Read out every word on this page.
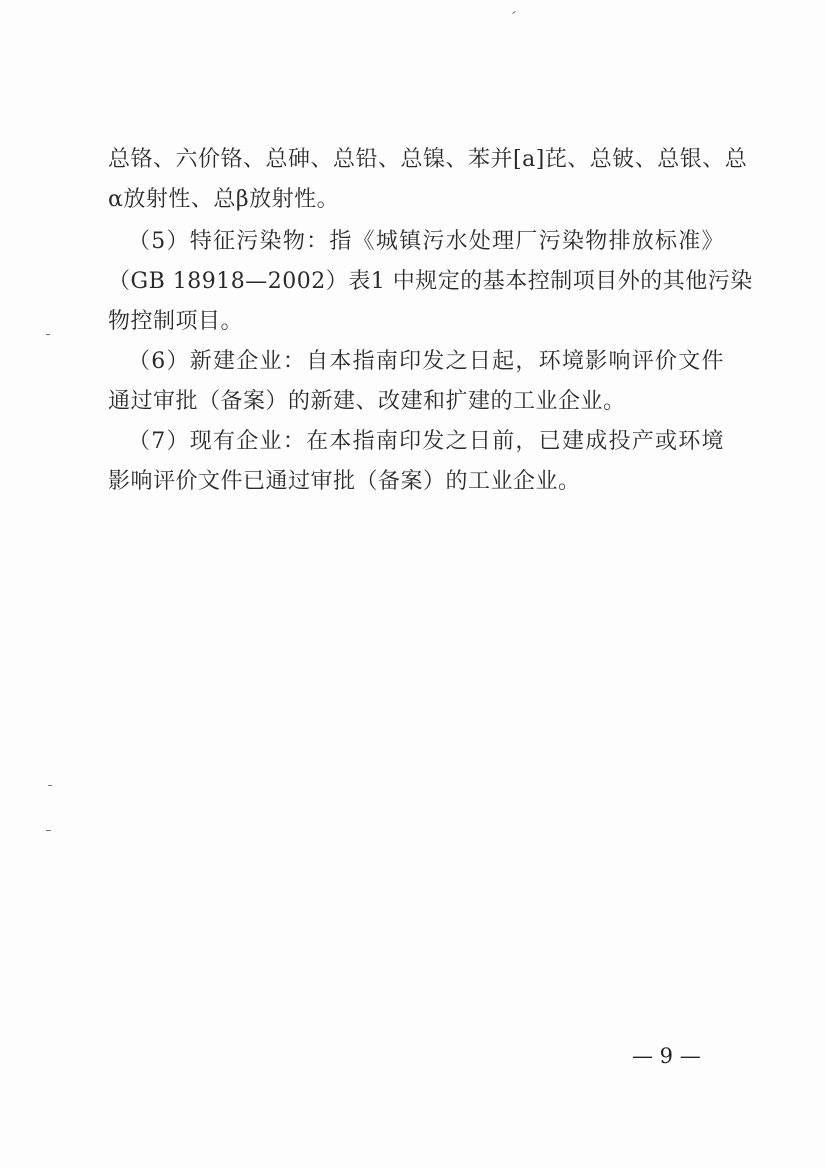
总铬、六价铬、总砷、总铅、总镍、苯并[a]芘、总铍、总银、总
α放射性、总β放射性。
（5）特征污染物：指《城镇污水处理厂污染物排放标准》
（GB 18918—2002）表1 中规定的基本控制项目外的其他污染
物控制项目。
（6）新建企业：自本指南印发之日起，环境影响评价文件
通过审批（备案）的新建、改建和扩建的工业企业。
（7）现有企业：在本指南印发之日前，已建成投产或环境
影响评价文件已通过审批（备案）的工业企业。
— 9 —
